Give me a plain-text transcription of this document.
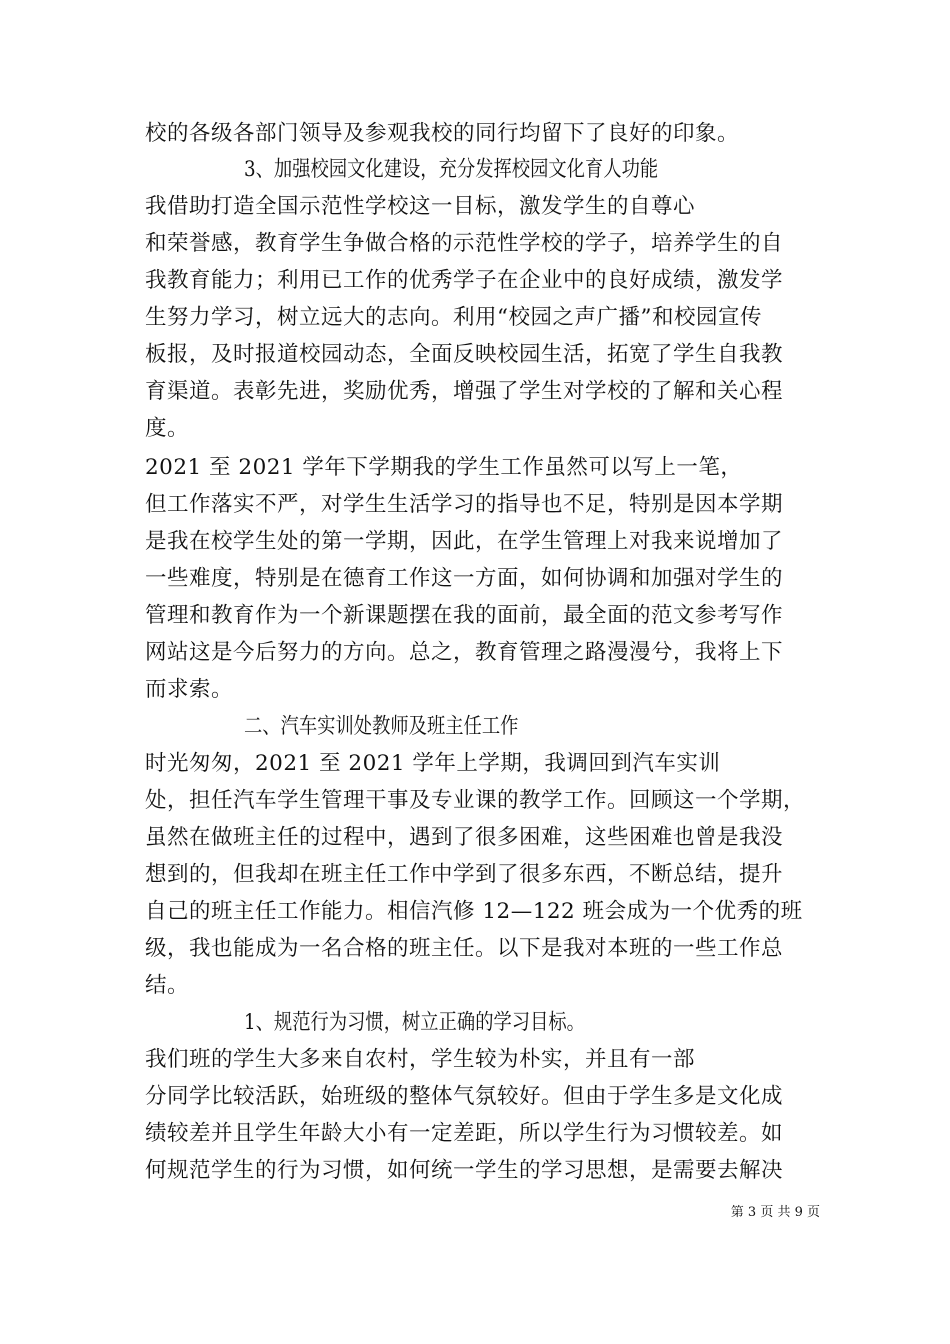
校的各级各部门领导及参观我校的同行均留下了良好的印象。
3、加强校园文化建设，充分发挥校园文化育人功能
我借助打造全国示范性学校这一目标，激发学生的自尊心
和荣誉感，教育学生争做合格的示范性学校的学子，培养学生的自
我教育能力；利用已工作的优秀学子在企业中的良好成绩，激发学
生努力学习，树立远大的志向。利用“校园之声广播”和校园宣传
板报，及时报道校园动态，全面反映校园生活，拓宽了学生自我教
育渠道。表彰先进，奖励优秀，增强了学生对学校的了解和关心程
度。
2021 至 2021 学年下学期我的学生工作虽然可以写上一笔，
但工作落实不严，对学生生活学习的指导也不足，特别是因本学期
是我在校学生处的第一学期，因此，在学生管理上对我来说增加了
一些难度，特别是在德育工作这一方面，如何协调和加强对学生的
管理和教育作为一个新课题摆在我的面前，最全面的范文参考写作
网站这是今后努力的方向。总之，教育管理之路漫漫兮，我将上下
而求索。
二、汽车实训处教师及班主任工作
时光匆匆，2021 至 2021 学年上学期，我调回到汽车实训
处，担任汽车学生管理干事及专业课的教学工作。回顾这一个学期，
虽然在做班主任的过程中，遇到了很多困难，这些困难也曾是我没
想到的，但我却在班主任工作中学到了很多东西，不断总结，提升
自己的班主任工作能力。相信汽修 12—122 班会成为一个优秀的班
级，我也能成为一名合格的班主任。以下是我对本班的一些工作总
结。
1、规范行为习惯，树立正确的学习目标。
我们班的学生大多来自农村，学生较为朴实，并且有一部
分同学比较活跃，始班级的整体气氛较好。但由于学生多是文化成
绩较差并且学生年龄大小有一定差距，所以学生行为习惯较差。如
何规范学生的行为习惯，如何统一学生的学习思想，是需要去解决
第 3 页 共 9 页
